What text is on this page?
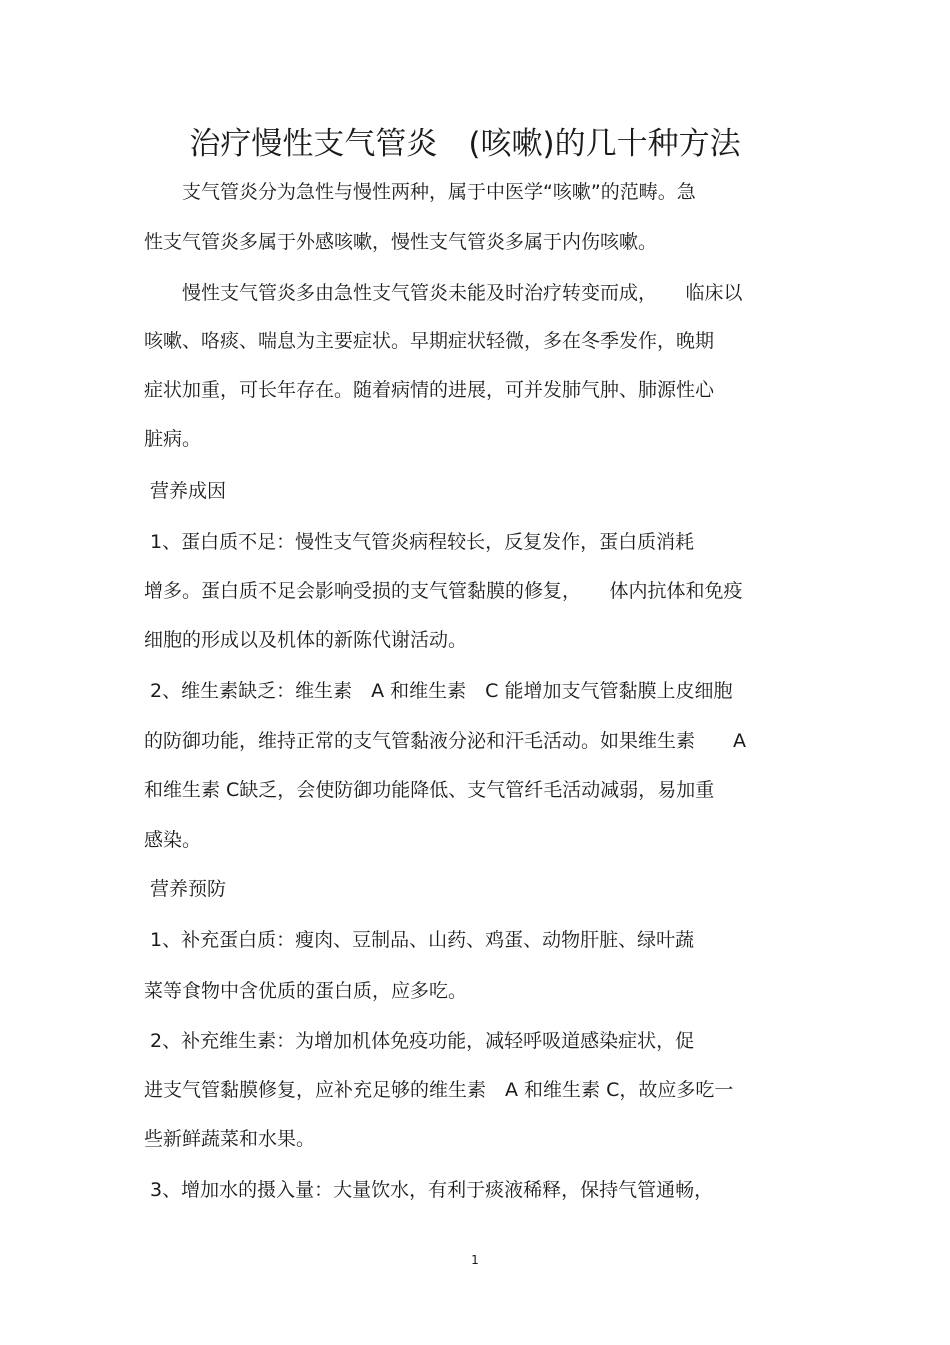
治疗慢性支气管炎　(咳嗽)的几十种方法
　　支气管炎分为急性与慢性两种，属于中医学“咳嗽”的范畴。急
性支气管炎多属于外感咳嗽，慢性支气管炎多属于内伤咳嗽。
　　慢性支气管炎多由急性支气管炎未能及时治疗转变而成，　　临床以
咳嗽、咯痰、喘息为主要症状。早期症状轻微，多在冬季发作，晚期
症状加重，可长年存在。随着病情的进展，可并发肺气肿、肺源性心
脏病。
营养成因
1、蛋白质不足：慢性支气管炎病程较长，反复发作，蛋白质消耗
增多。蛋白质不足会影响受损的支气管黏膜的修复，　　体内抗体和免疫
细胞的形成以及机体的新陈代谢活动。
2、维生素缺乏：维生素　A 和维生素　C 能增加支气管黏膜上皮细胞
的防御功能，维持正常的支气管黏液分泌和汗毛活动。如果维生素　　A
和维生素 C缺乏，会使防御功能降低、支气管纤毛活动减弱，易加重
感染。
营养预防
1、补充蛋白质：瘦肉、豆制品、山药、鸡蛋、动物肝脏、绿叶蔬
菜等食物中含优质的蛋白质，应多吃。
2、补充维生素：为增加机体免疫功能，减轻呼吸道感染症状，促
进支气管黏膜修复，应补充足够的维生素　A 和维生素 C，故应多吃一
些新鲜蔬菜和水果。
3、增加水的摄入量：大量饮水，有利于痰液稀释，保持气管通畅，
1
